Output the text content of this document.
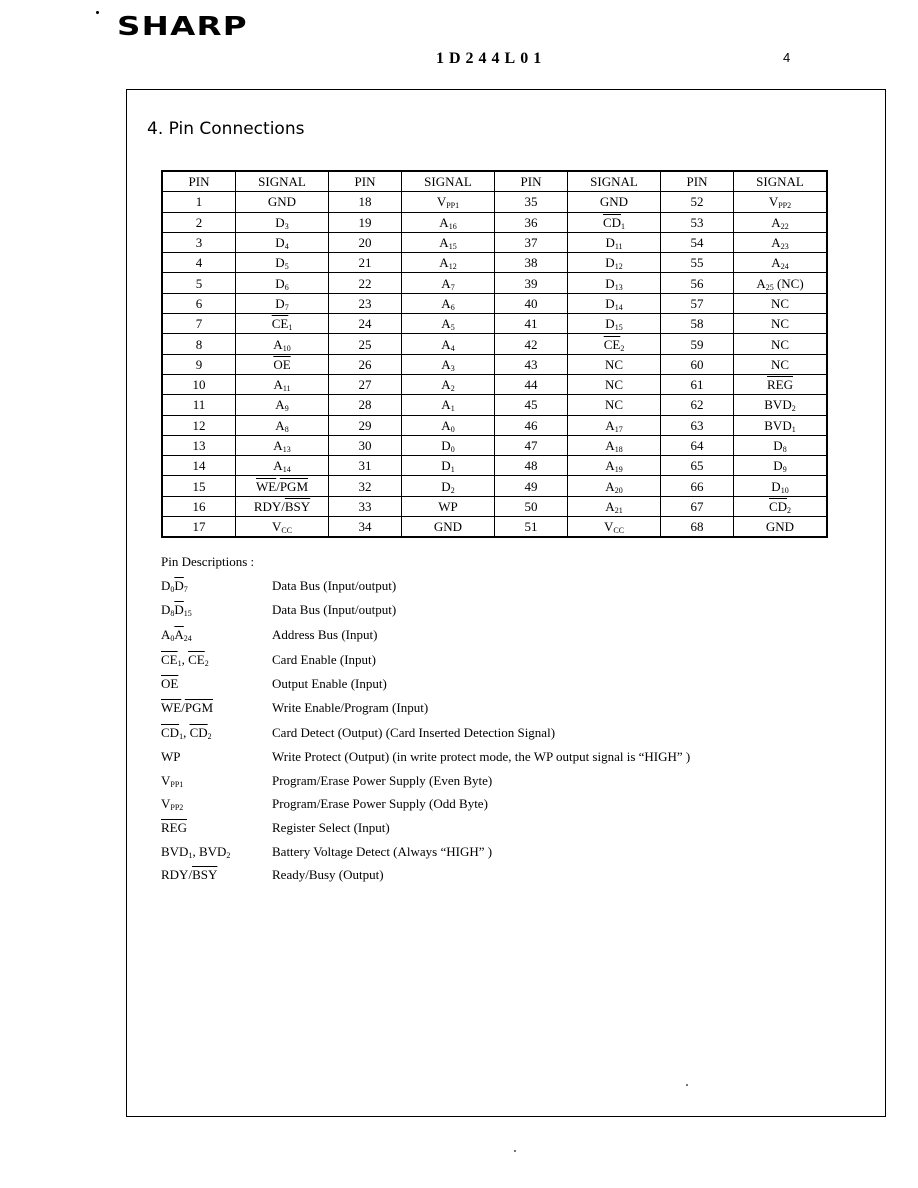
SHARP
1D244L01	4
4. Pin Connections
PIN	SIGNAL	PIN	SIGNAL	PIN	SIGNAL	PIN	SIGNAL
1	GND	18	$V_{PP1}$	35	GND	52	$V_{PP2}$
2	$D_3$	19	$A_{16}$	36	$\overline{CD}_1$	53	$A_{22}$
3	$D_4$	20	$A_{15}$	37	$D_{11}$	54	$A_{23}$
4	$D_5$	21	$A_{12}$	38	$D_{12}$	55	$A_{24}$
5	$D_6$	22	$A_7$	39	$D_{13}$	56	$A_{25}$ (NC)
6	$D_7$	23	$A_6$	40	$D_{14}$	57	NC
7	$\overline{CE}_1$	24	$A_5$	41	$D_{15}$	58	NC
8	$A_{10}$	25	$A_4$	42	$\overline{CE}_2$	59	NC
9	$\overline{OE}$	26	$A_3$	43	NC	60	NC
10	$A_{11}$	27	$A_2$	44	NC	61	$\overline{REG}$
11	$A_9$	28	$A_1$	45	NC	62	$BVD_2$
12	$A_8$	29	$A_0$	46	$A_{17}$	63	$BVD_1$
13	$A_{13}$	30	$D_0$	47	$A_{18}$	64	$D_8$
14	$A_{14}$	31	$D_1$	48	$A_{19}$	65	$D_9$
15	$\overline{WE}/\overline{PGM}$	32	$D_2$	49	$A_{20}$	66	$D_{10}$
16	RDY/$\overline{BSY}$	33	WP	50	$A_{21}$	67	$\overline{CD}_2$
17	$V_{CC}$	34	GND	51	$V_{CC}$	68	GND
Pin Descriptions :
$D_0\overline{D}_7$	Data Bus (Input/output)
$D_8\overline{D}_{15}$	Data Bus (Input/output)
$A_0\overline{A}_{24}$	Address Bus (Input)
$\overline{CE}_1$, $\overline{CE}_2$	Card Enable (Input)
$\overline{OE}$	Output Enable (Input)
$\overline{WE}/\overline{PGM}$	Write Enable/Program (Input)
$\overline{CD}_1$, $\overline{CD}_2$	Card Detect (Output) (Card Inserted Detection Signal)
WP	Write Protect (Output) (in write protect mode, the WP output signal is “HIGH” )
$V_{PP1}$	Program/Erase Power Supply (Even Byte)
$V_{PP2}$	Program/Erase Power Supply (Odd Byte)
$\overline{REG}$	Register Select (Input)
$BVD_1$, $BVD_2$	Battery Voltage Detect (Always “HIGH” )
RDY/$\overline{BSY}$	Ready/Busy (Output)
